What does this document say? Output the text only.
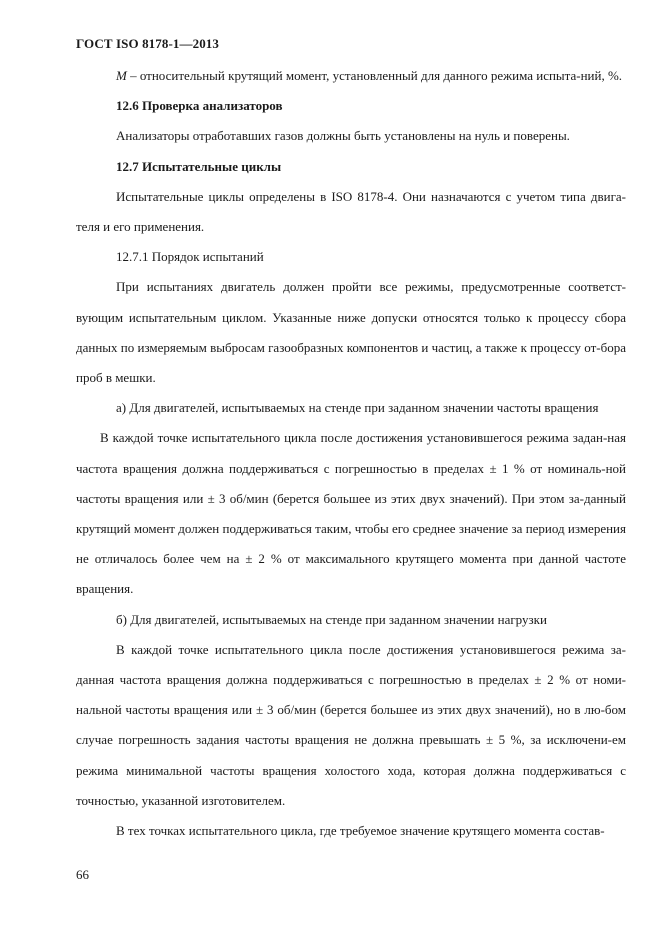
ГОСТ ISO 8178-1—2013

M – относительный крутящий момент, установленный для данного режима испыта-ний, %.

12.6 Проверка анализаторов

Анализаторы отработавших газов должны быть установлены на нуль и поверены.

12.7 Испытательные циклы

Испытательные циклы определены в ISO 8178-4. Они назначаются с учетом типа двига-теля и его применения.

12.7.1 Порядок испытаний

При испытаниях двигатель должен пройти все режимы, предусмотренные соответст-вующим испытательным циклом. Указанные ниже допуски относятся только к процессу сбора данных по измеряемым выбросам газообразных компонентов и частиц, а также к процессу от-бора проб в мешки.

а) Для двигателей, испытываемых на стенде при заданном значении частоты вращения

В каждой точке испытательного цикла после достижения установившегося режима задан-ная частота вращения должна поддерживаться с погрешностью в пределах ± 1 % от номиналь-ной частоты вращения или ± 3 об/мин (берется большее из этих двух значений). При этом за-данный крутящий момент должен поддерживаться таким, чтобы его среднее значение за период измерения не отличалось более чем на ± 2 % от максимального крутящего момента при данной частоте вращения.

б) Для двигателей, испытываемых на стенде при заданном значении нагрузки

В каждой точке испытательного цикла после достижения установившегося режима за-данная частота вращения должна поддерживаться с погрешностью в пределах ± 2 % от номи-нальной частоты вращения или ± 3 об/мин (берется большее из этих двух значений), но в лю-бом случае погрешность задания частоты вращения не должна превышать ± 5 %, за исключени-ем режима минимальной частоты вращения холостого хода, которая должна поддерживаться с точностью, указанной изготовителем.

В тех точках испытательного цикла, где требуемое значение крутящего момента состав-

66
